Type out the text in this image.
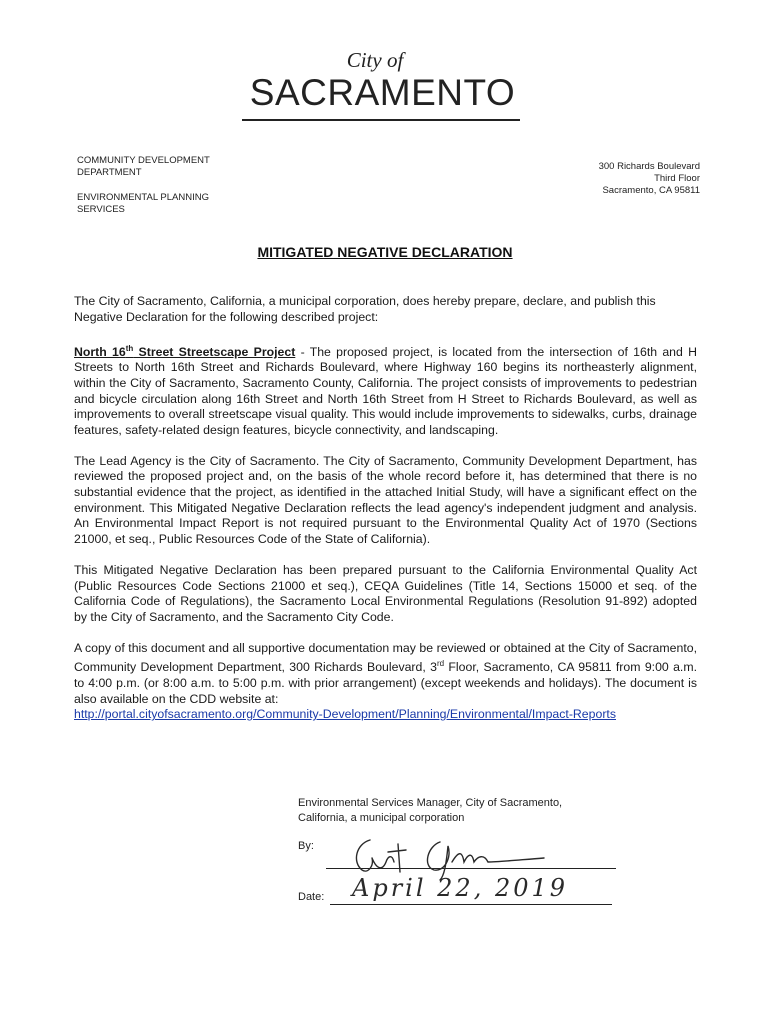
City of
SACRAMENTO
COMMUNITY DEVELOPMENT
DEPARTMENT
ENVIRONMENTAL PLANNING
SERVICES
300 Richards Boulevard
Third Floor
Sacramento, CA 95811
MITIGATED NEGATIVE DECLARATION

The City of Sacramento, California, a municipal corporation, does hereby prepare, declare, and publish this Negative Declaration for the following described project:

North 16th Street Streetscape Project - The proposed project, is located from the intersection of 16th and H Streets to North 16th Street and Richards Boulevard, where Highway 160 begins its northeasterly alignment, within the City of Sacramento, Sacramento County, California. The project consists of improvements to pedestrian and bicycle circulation along 16th Street and North 16th Street from H Street to Richards Boulevard, as well as improvements to overall streetscape visual quality. This would include improvements to sidewalks, curbs, drainage features, safety-related design features, bicycle connectivity, and landscaping.

The Lead Agency is the City of Sacramento. The City of Sacramento, Community Development Department, has reviewed the proposed project and, on the basis of the whole record before it, has determined that there is no substantial evidence that the project, as identified in the attached Initial Study, will have a significant effect on the environment. This Mitigated Negative Declaration reflects the lead agency's independent judgment and analysis. An Environmental Impact Report is not required pursuant to the Environmental Quality Act of 1970 (Sections 21000, et seq., Public Resources Code of the State of California).

This Mitigated Negative Declaration has been prepared pursuant to the California Environmental Quality Act (Public Resources Code Sections 21000 et seq.), CEQA Guidelines (Title 14, Sections 15000 et seq. of the California Code of Regulations), the Sacramento Local Environmental Regulations (Resolution 91-892) adopted by the City of Sacramento, and the Sacramento City Code.

A copy of this document and all supportive documentation may be reviewed or obtained at the City of Sacramento, Community Development Department, 300 Richards Boulevard, 3rd Floor, Sacramento, CA 95811 from 9:00 a.m. to 4:00 p.m. (or 8:00 a.m. to 5:00 p.m. with prior arrangement) (except weekends and holidays). The document is also available on the CDD website at:
http://portal.cityofsacramento.org/Community-Development/Planning/Environmental/Impact-Reports

Environmental Services Manager, City of Sacramento,
California, a municipal corporation
By:
Date: April 22, 2019
